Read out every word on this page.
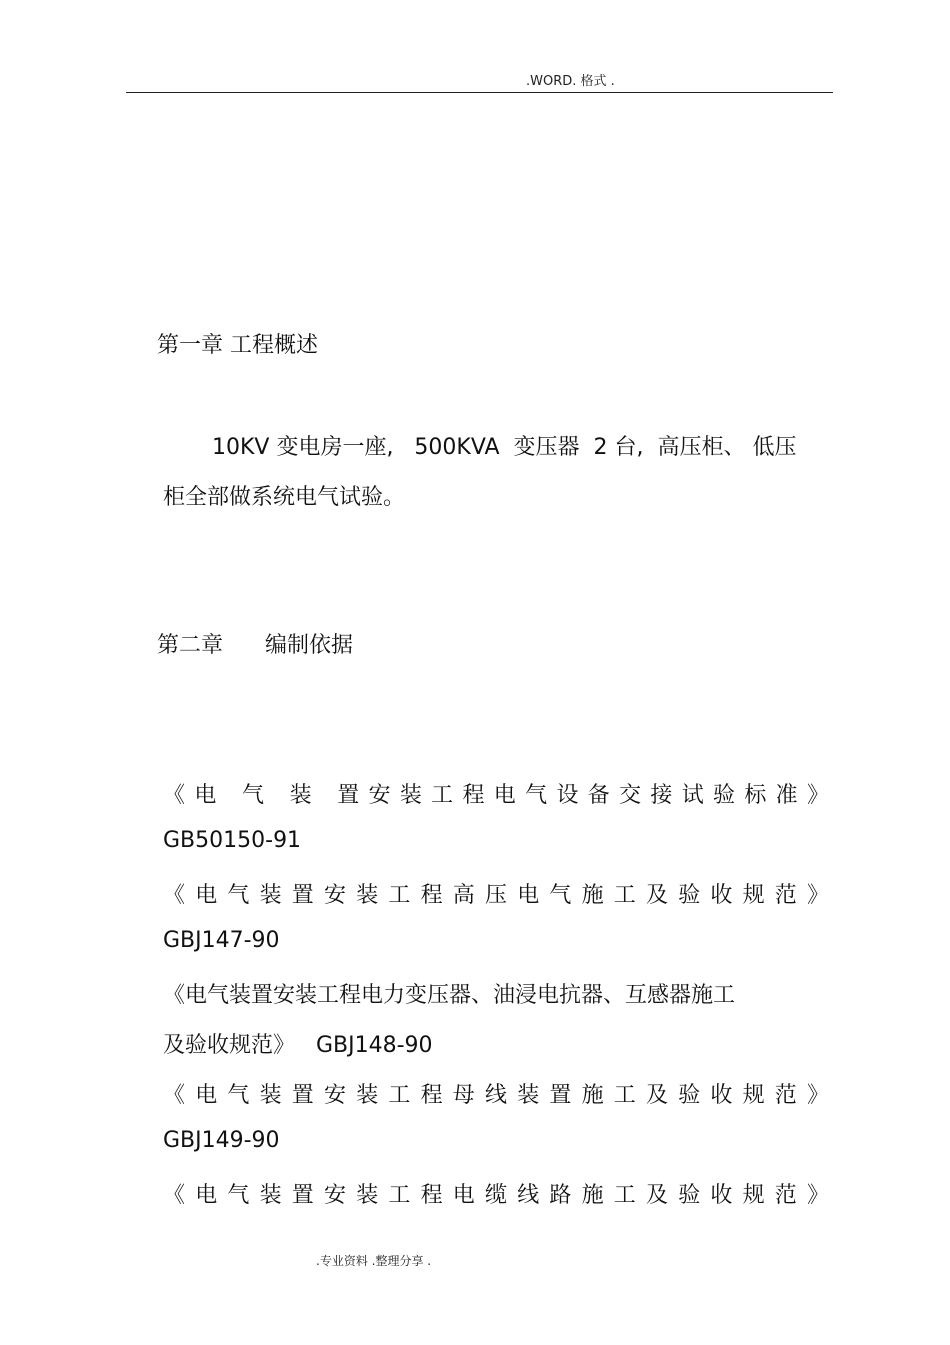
.WORD. 格式 .
第一章 工程概述
10KV 变电房一座,   500KVA  变压器  2 台,  高压柜、 低压
柜全部做系统电气试验。
第二章      编制依据
《电 气 装 置安装工程电气设备交接试验标准》
GB50150-91
《电气装置安装工程高压电气施工及验收规范》
GBJ147-90
《电气装置安装工程电力变压器、油浸电抗器、互感器施工
及验收规范》   GBJ148-90
《电气装置安装工程母线装置施工及验收规范》
GBJ149-90
《电气装置安装工程电缆线路施工及验收规范》
.专业资料 .整理分享 .
